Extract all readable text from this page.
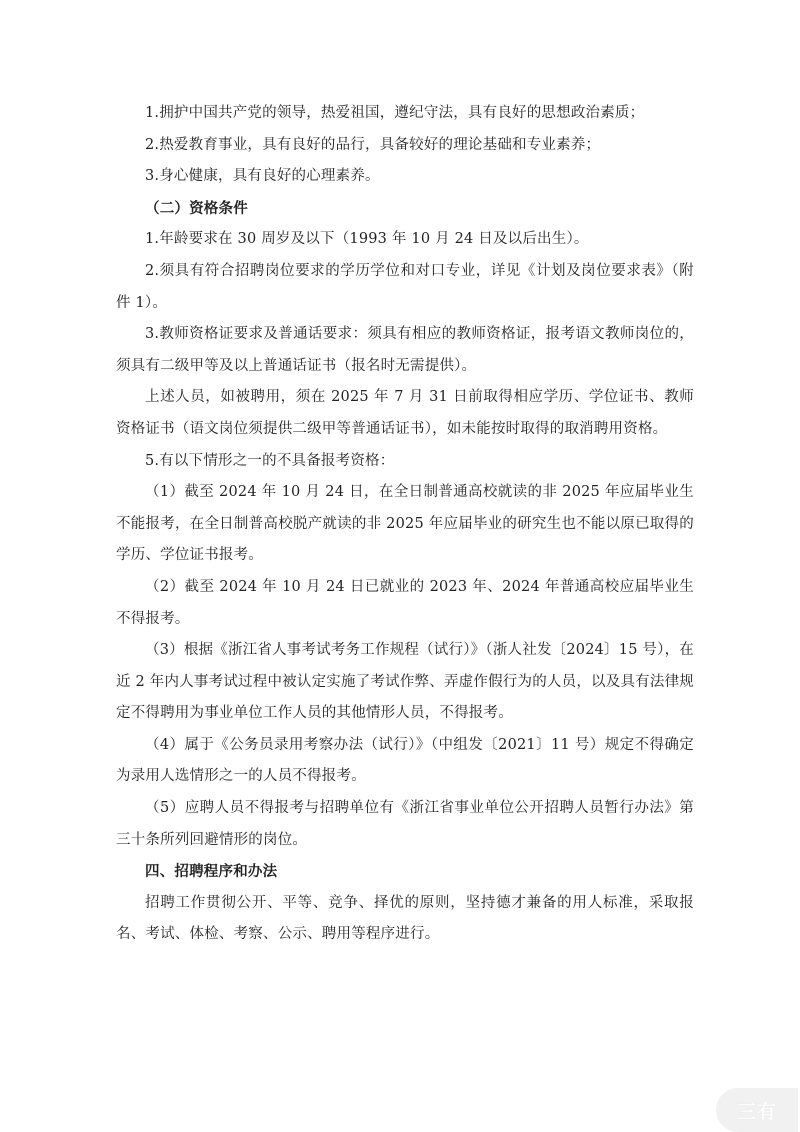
1.拥护中国共产党的领导，热爱祖国，遵纪守法，具有良好的思想政治素质；

2.热爱教育事业，具有良好的品行，具备较好的理论基础和专业素养；

3.身心健康，具有良好的心理素养。

（二）资格条件

1.年龄要求在 30 周岁及以下（1993 年 10 月 24 日及以后出生）。

2.须具有符合招聘岗位要求的学历学位和对口专业，详见《计划及岗位要求表》（附件 1）。

3.教师资格证要求及普通话要求：须具有相应的教师资格证，报考语文教师岗位的，须具有二级甲等及以上普通话证书（报名时无需提供）。

上述人员，如被聘用，须在 2025 年 7 月 31 日前取得相应学历、学位证书、教师资格证书（语文岗位须提供二级甲等普通话证书），如未能按时取得的取消聘用资格。

5.有以下情形之一的不具备报考资格：

（1）截至 2024 年 10 月 24 日，在全日制普通高校就读的非 2025 年应届毕业生不能报考，在全日制普高校脱产就读的非 2025 年应届毕业的研究生也不能以原已取得的学历、学位证书报考。

（2）截至 2024 年 10 月 24 日已就业的 2023 年、2024 年普通高校应届毕业生不得报考。

（3）根据《浙江省人事考试考务工作规程（试行）》（浙人社发〔2024〕15 号），在近 2 年内人事考试过程中被认定实施了考试作弊、弄虚作假行为的人员，以及具有法律规定不得聘用为事业单位工作人员的其他情形人员，不得报考。

（4）属于《公务员录用考察办法（试行）》（中组发〔2021〕11 号）规定不得确定为录用人选情形之一的人员不得报考。

（5）应聘人员不得报考与招聘单位有《浙江省事业单位公开招聘人员暂行办法》第三十条所列回避情形的岗位。

四、招聘程序和办法

招聘工作贯彻公开、平等、竞争、择优的原则，坚持德才兼备的用人标准，采取报名、考试、体检、考察、公示、聘用等程序进行。

三有
